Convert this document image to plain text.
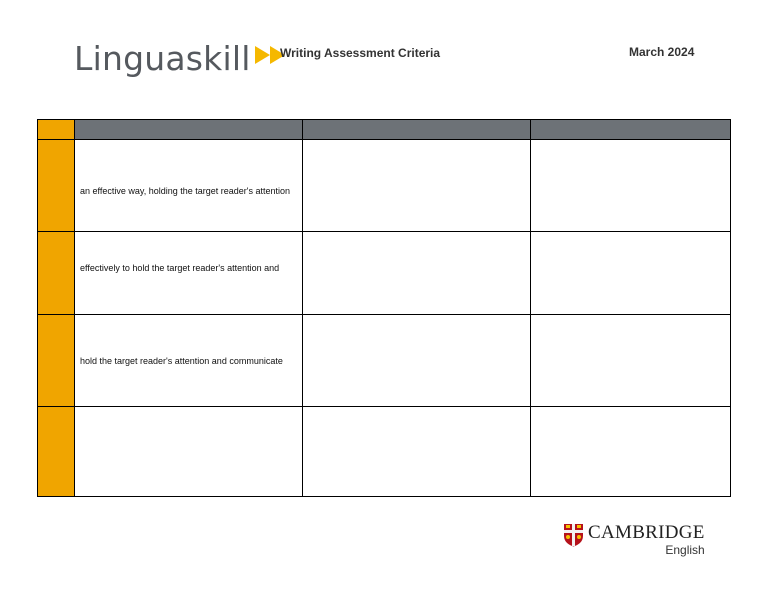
Linguaskill Writing Assessment Criteria	March 2024
an effective way, holding the target reader's attention
effectively to hold the target reader's attention and
hold the target reader's attention and communicate
CAMBRIDGE
English
